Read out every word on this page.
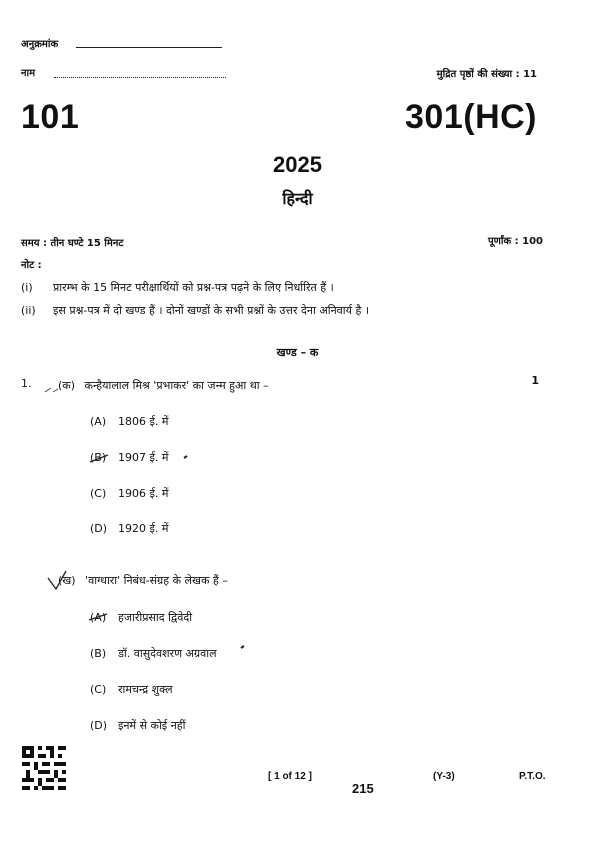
अनुक्रमांक
नाम	मुद्रित पृष्ठों की संख्या : 11
101	301(HC)
2025
हिन्दी
समय : तीन घण्टे 15 मिनट	पूर्णांक : 100
नोट :
(i) प्रारम्भ के 15 मिनट परीक्षार्थियों को प्रश्न-पत्र पढ़ने के लिए निर्धारित हैं ।
(ii) इस प्रश्न-पत्र में दो खण्ड हैं । दोनों खण्डों के सभी प्रश्नों के उत्तर देना अनिवार्य है ।
खण्ड – क
1.	1
(क) कन्हैयालाल मिश्र 'प्रभाकर' का जन्म हुआ था –
(A) 1806 ई. में
(B) 1907 ई. में
(C) 1906 ई. में
(D) 1920 ई. में
(ख) 'वाग्धारा' निबंध-संग्रह के लेखक हैं –
(A) हजारीप्रसाद द्विवेदी
(B) डॉ. वासुदेवशरण अग्रवाल
(C) रामचन्द्र शुक्ल
(D) इनमें से कोई नहीं
[ 1 of 12 ]
215
(Y-3)	P.T.O.
